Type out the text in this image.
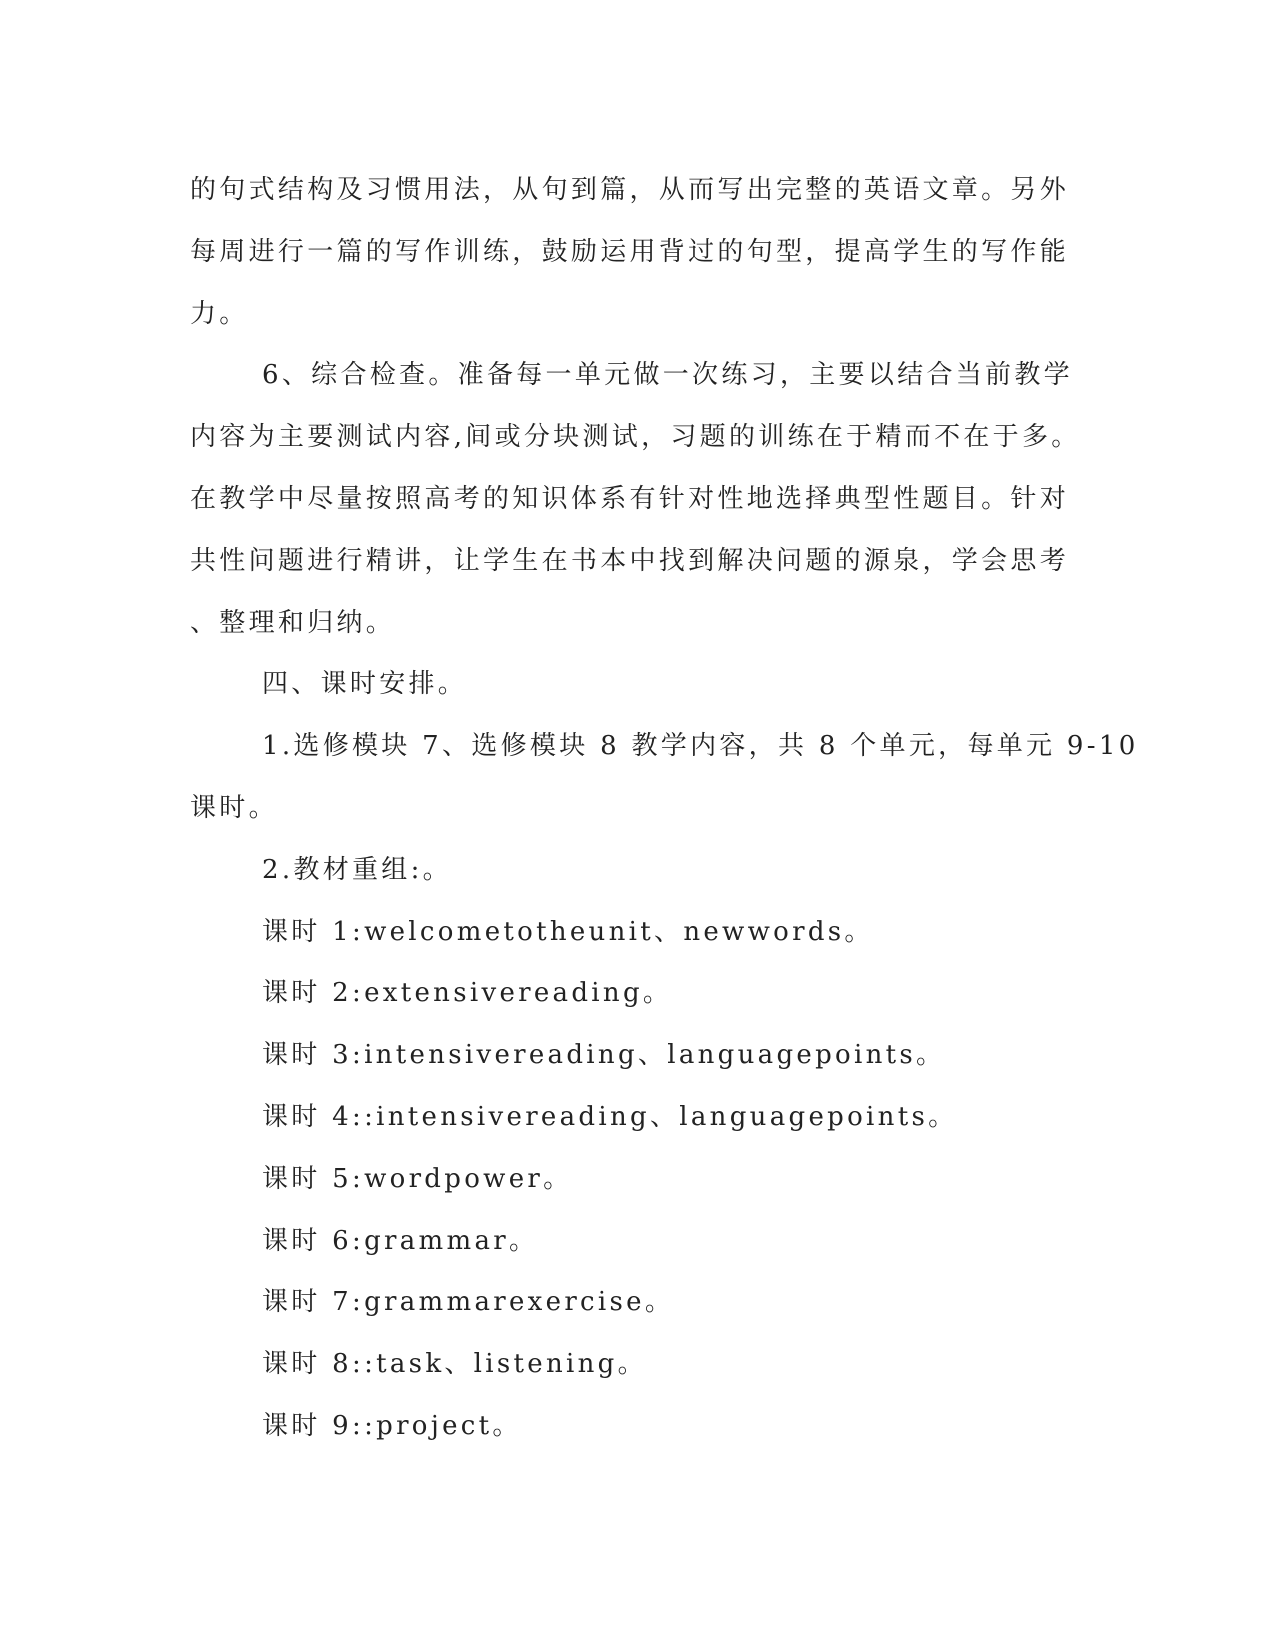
的句式结构及习惯用法，从句到篇，从而写出完整的英语文章。另外
每周进行一篇的写作训练，鼓励运用背过的句型，提高学生的写作能
力。
6、综合检查。准备每一单元做一次练习，主要以结合当前教学
内容为主要测试内容,间或分块测试，习题的训练在于精而不在于多。
在教学中尽量按照高考的知识体系有针对性地选择典型性题目。针对
共性问题进行精讲，让学生在书本中找到解决问题的源泉，学会思考
、整理和归纳。
四、课时安排。
1.选修模块 7、选修模块 8 教学内容，共 8 个单元，每单元 9-10
课时。
2.教材重组:。
课时 1:welcometotheunit、newwords。
课时 2:extensivereading。
课时 3:intensivereading、languagepoints。
课时 4::intensivereading、languagepoints。
课时 5:wordpower。
课时 6:grammar。
课时 7:grammarexercise。
课时 8::task、listening。
课时 9::project。
